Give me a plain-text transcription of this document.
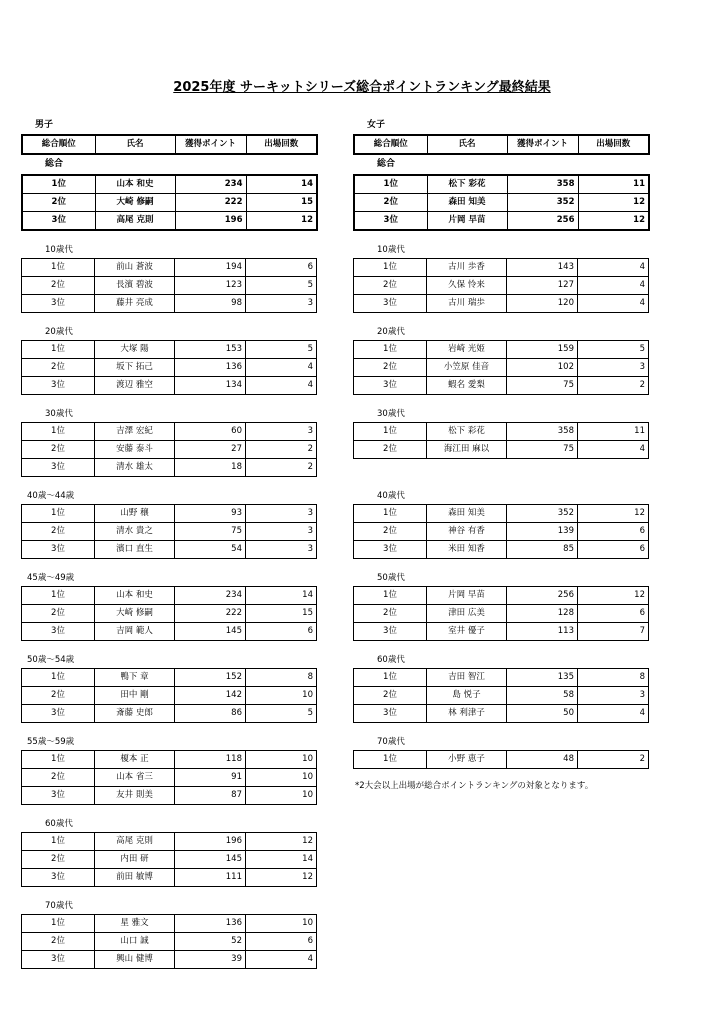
2025年度 サーキットシリーズ総合ポイントランキング最終結果
男子
総合順位	氏名	獲得ポイント	出場回数
総合
1位	山本 和史	234	14
2位	大崎 修嗣	222	15
3位	高尾 克則	196	12
10歳代
1位	前山 蒼波	194	6
2位	長濱 碧波	123	5
3位	藤井 亮成	98	3
20歳代
1位	大塚 陽	153	5
2位	坂下 拓己	136	4
3位	渡辺 雅空	134	4
30歳代
1位	吉澤 宏紀	60	3
2位	安藤 泰斗	27	2
3位	清水 雄太	18	2
40歳～44歳
1位	山野 穣	93	3
2位	清水 貴之	75	3
3位	濱口 直生	54	3
45歳～49歳
1位	山本 和史	234	14
2位	大崎 修嗣	222	15
3位	吉岡 範人	145	6
50歳～54歳
1位	鴨下 章	152	8
2位	田中 剛	142	10
3位	斎藤 史郎	86	5
55歳～59歳
1位	榎本 正	118	10
2位	山本 省三	91	10
3位	友井 則美	87	10
60歳代
1位	高尾 克則	196	12
2位	内田 研	145	14
3位	前田 敏博	111	12
70歳代
1位	星 雅文	136	10
2位	山口 誠	52	6
3位	興山 健博	39	4
女子
総合順位	氏名	獲得ポイント	出場回数
総合
1位	松下 彩花	358	11
2位	森田 知美	352	12
3位	片岡 早苗	256	12
10歳代
1位	古川 歩香	143	4
2位	久保 怜来	127	4
3位	古川 瑞歩	120	4
20歳代
1位	岩崎 光姫	159	5
2位	小笠原 佳音	102	3
3位	蝦名 愛梨	75	2
30歳代
1位	松下 彩花	358	11
2位	海江田 麻以	75	4
40歳代
1位	森田 知美	352	12
2位	神谷 有香	139	6
3位	米田 知香	85	6
50歳代
1位	片岡 早苗	256	12
2位	津田 広美	128	6
3位	室井 優子	113	7
60歳代
1位	吉田 智江	135	8
2位	島 悦子	58	3
3位	林 利津子	50	4
70歳代
1位	小野 恵子	48	2
*2大会以上出場が総合ポイントランキングの対象となります。
